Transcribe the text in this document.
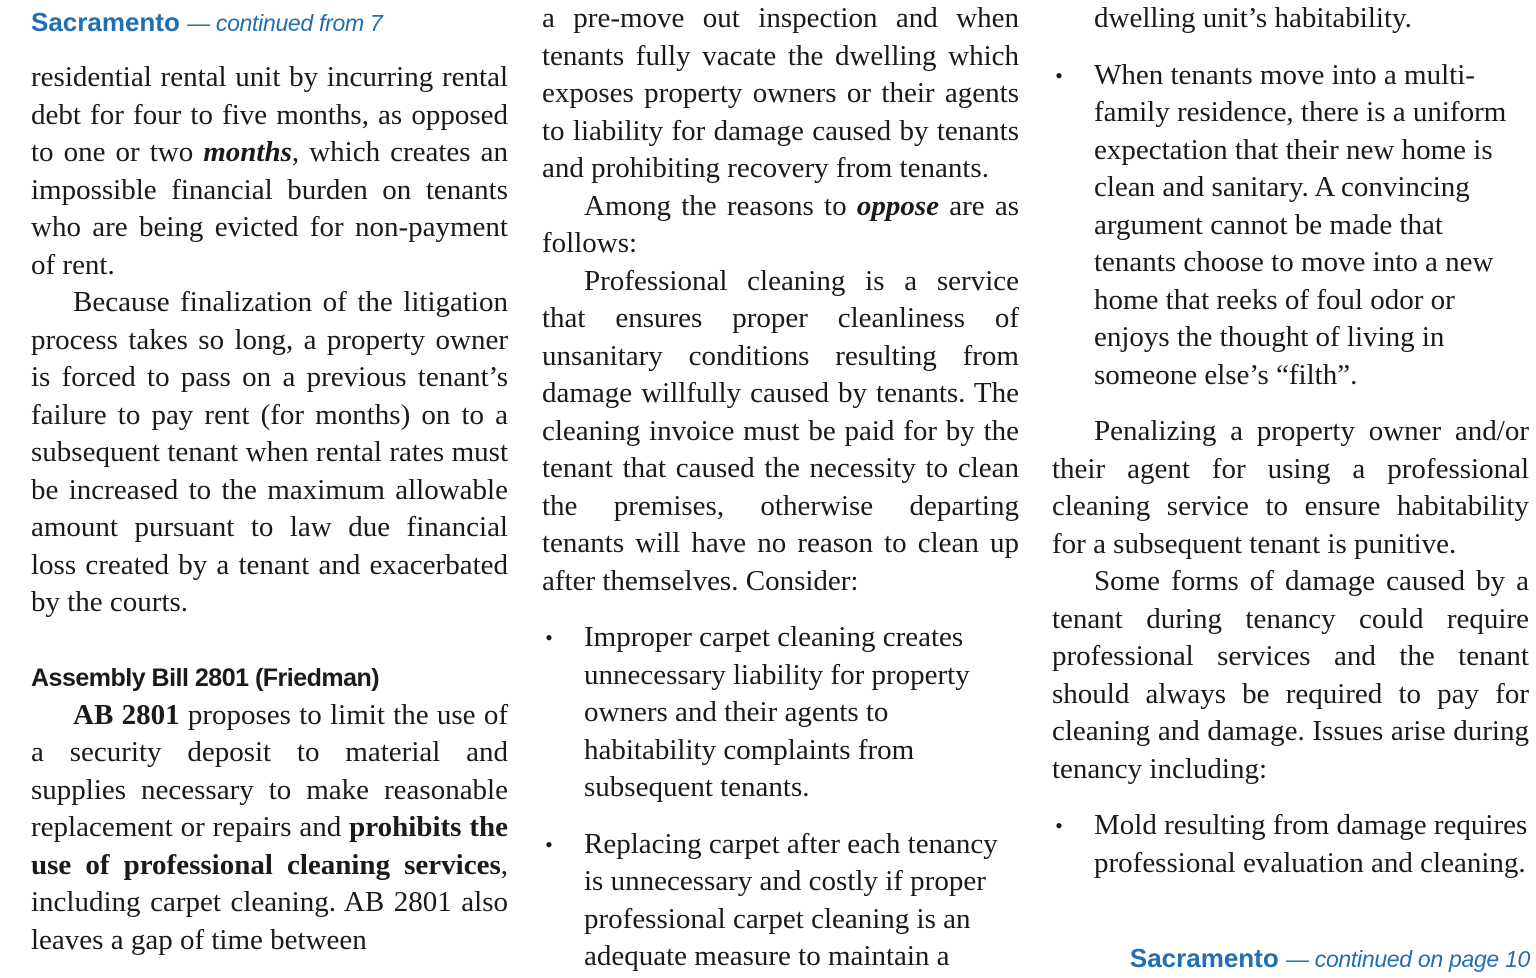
Sacramento — continued from 7

residential rental unit by incurring rental debt for four to five months, as opposed to one or two months, which creates an impossible financial burden on tenants who are being evicted for non-payment of rent.

Because finalization of the litigation process takes so long, a property owner is forced to pass on a previous tenant’s failure to pay rent (for months) on to a subsequent tenant when rental rates must be increased to the maximum allowable amount pursuant to law due financial loss created by a tenant and exacerbated by the courts.

Assembly Bill 2801 (Friedman)

AB 2801 proposes to limit the use of a security deposit to material and supplies necessary to make reasonable replacement or repairs and prohibits the use of professional cleaning services, including carpet cleaning. AB 2801 also leaves a gap of time between

a pre-move out inspection and when tenants fully vacate the dwelling which exposes property owners or their agents to liability for damage caused by tenants and prohibiting recovery from tenants.

Among the reasons to oppose are as follows:

Professional cleaning is a service that ensures proper cleanliness of unsanitary conditions resulting from damage willfully caused by tenants. The cleaning invoice must be paid for by the tenant that caused the necessity to clean the premises, otherwise departing tenants will have no reason to clean up after themselves. Consider:

• Improper carpet cleaning creates unnecessary liability for property owners and their agents to habitability complaints from subsequent tenants.
• Replacing carpet after each tenancy is unnecessary and costly if proper professional carpet cleaning is an adequate measure to maintain a
dwelling unit’s habitability.
• When tenants move into a multi-family residence, there is a uniform expectation that their new home is clean and sanitary. A convincing argument cannot be made that tenants choose to move into a new home that reeks of foul odor or enjoys the thought of living in someone else’s “filth”.

Penalizing a property owner and/or their agent for using a professional cleaning service to ensure habitability for a subsequent tenant is punitive.

Some forms of damage caused by a tenant during tenancy could require professional services and the tenant should always be required to pay for cleaning and damage. Issues arise during tenancy including:

• Mold resulting from damage requires professional evaluation and cleaning.
Sacramento — continued on page 10
